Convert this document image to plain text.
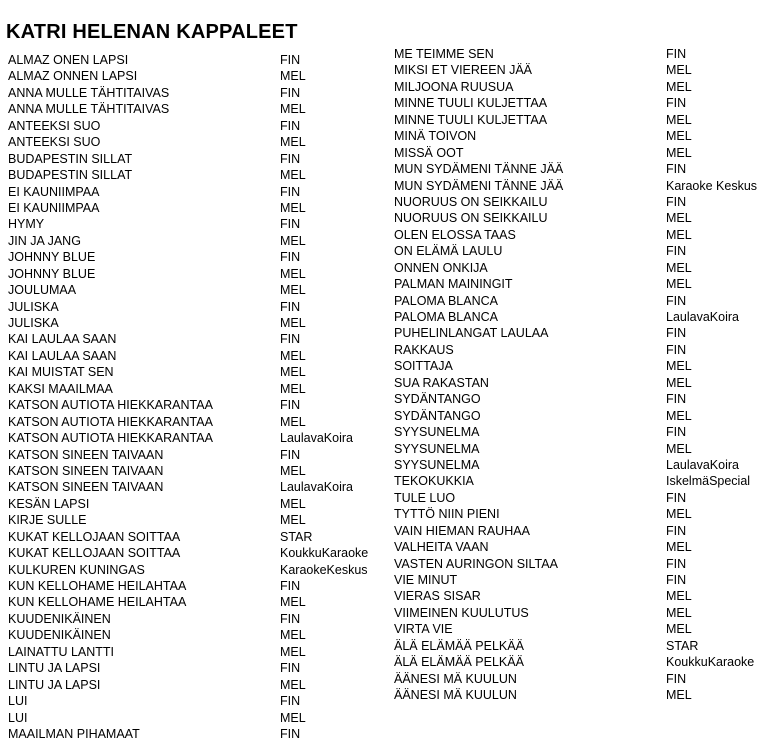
KATRI HELENAN KAPPALEET
ALMAZ ONEN LAPSI	FIN
ALMAZ ONNEN LAPSI	MEL
ANNA MULLE TÄHTITAIVAS	FIN
ANNA MULLE TÄHTITAIVAS	MEL
ANTEEKSI SUO	FIN
ANTEEKSI SUO	MEL
BUDAPESTIN SILLAT	FIN
BUDAPESTIN SILLAT	MEL
EI KAUNIIMPAA	FIN
EI KAUNIIMPAA	MEL
HYMY	FIN
JIN JA JANG	MEL
JOHNNY BLUE	FIN
JOHNNY BLUE	MEL
JOULUMAA	MEL
JULISKA	FIN
JULISKA	MEL
KAI LAULAA SAAN	FIN
KAI LAULAA SAAN	MEL
KAI MUISTAT SEN	MEL
KAKSI MAAILMAA	MEL
KATSON AUTIOTA HIEKKARANTAA	FIN
KATSON AUTIOTA HIEKKARANTAA	MEL
KATSON AUTIOTA HIEKKARANTAA	LaulavaKoira
KATSON SINEEN TAIVAAN	FIN
KATSON SINEEN TAIVAAN	MEL
KATSON SINEEN TAIVAAN	LaulavaKoira
KESÄN LAPSI	MEL
KIRJE SULLE	MEL
KUKAT KELLOJAAN SOITTAA	STAR
KUKAT KELLOJAAN SOITTAA	KoukkuKaraoke
KULKUREN KUNINGAS	KaraokeKeskus
KUN KELLOHAME HEILAHTAA	FIN
KUN KELLOHAME HEILAHTAA	MEL
KUUDENIKÄINEN	FIN
KUUDENIKÄINEN	MEL
LAINATTU LANTTI	MEL
LINTU JA LAPSI	FIN
LINTU JA LAPSI	MEL
LUI	FIN
LUI	MEL
MAAILMAN PIHAMAAT	FIN
ME TEIMME SEN	FIN
MIKSI ET VIEREEN JÄÄ	MEL
MILJOONA RUUSUA	MEL
MINNE TUULI KULJETTAA	FIN
MINNE TUULI KULJETTAA	MEL
MINÄ TOIVON	MEL
MISSÄ OOT	MEL
MUN SYDÄMENI TÄNNE JÄÄ	FIN
MUN SYDÄMENI TÄNNE JÄÄ	Karaoke Keskus
NUORUUS ON SEIKKAILU	FIN
NUORUUS ON SEIKKAILU	MEL
OLEN ELOSSA TAAS	MEL
ON ELÄMÄ LAULU	FIN
ONNEN ONKIJA	MEL
PALMAN MAININGIT	MEL
PALOMA BLANCA	FIN
PALOMA BLANCA	LaulavaKoira
PUHELINLANGAT LAULAA	FIN
RAKKAUS	FIN
SOITTAJA	MEL
SUA RAKASTAN	MEL
SYDÄNTANGO	FIN
SYDÄNTANGO	MEL
SYYSUNELMA	FIN
SYYSUNELMA	MEL
SYYSUNELMA	LaulavaKoira
TEKOKUKKIA	IskelmäSpecial
TULE LUO	FIN
TYTTÖ NIIN PIENI	MEL
VAIN HIEMAN RAUHAA	FIN
VALHEITA VAAN	MEL
VASTEN AURINGON SILTAA	FIN
VIE MINUT	FIN
VIERAS SISAR	MEL
VIIMEINEN KUULUTUS	MEL
VIRTA VIE	MEL
ÄLÄ ELÄMÄÄ PELKÄÄ	STAR
ÄLÄ ELÄMÄÄ PELKÄÄ	KoukkuKaraoke
ÄÄNESI MÄ KUULUN	FIN
ÄÄNESI MÄ KUULUN	MEL
